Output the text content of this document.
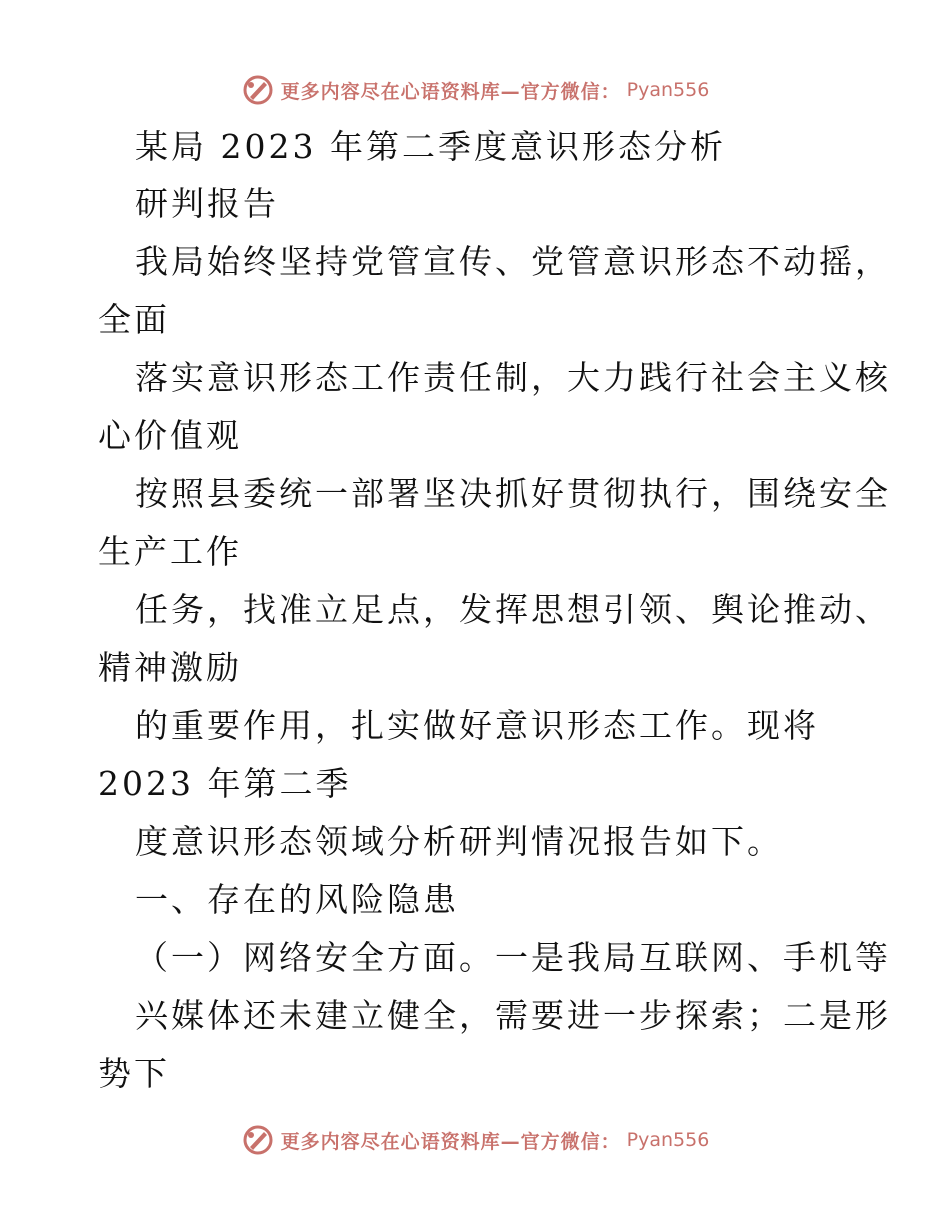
更多内容尽在心语资料库—官方微信： Pyan556
某局 2023 年第二季度意识形态分析
研判报告
我局始终坚持党管宣传、党管意识形态不动摇，
全面
落实意识形态工作责任制，大力践行社会主义核
心价值观
按照县委统一部署坚决抓好贯彻执行，围绕安全
生产工作
任务，找准立足点，发挥思想引领、舆论推动、
精神激励
的重要作用，扎实做好意识形态工作。现将
2023 年第二季
度意识形态领域分析研判情况报告如下。
一、存在的风险隐患
（一）网络安全方面。一是我局互联网、手机等
兴媒体还未建立健全，需要进一步探索；二是形
势下
更多内容尽在心语资料库—官方微信： Pyan556
